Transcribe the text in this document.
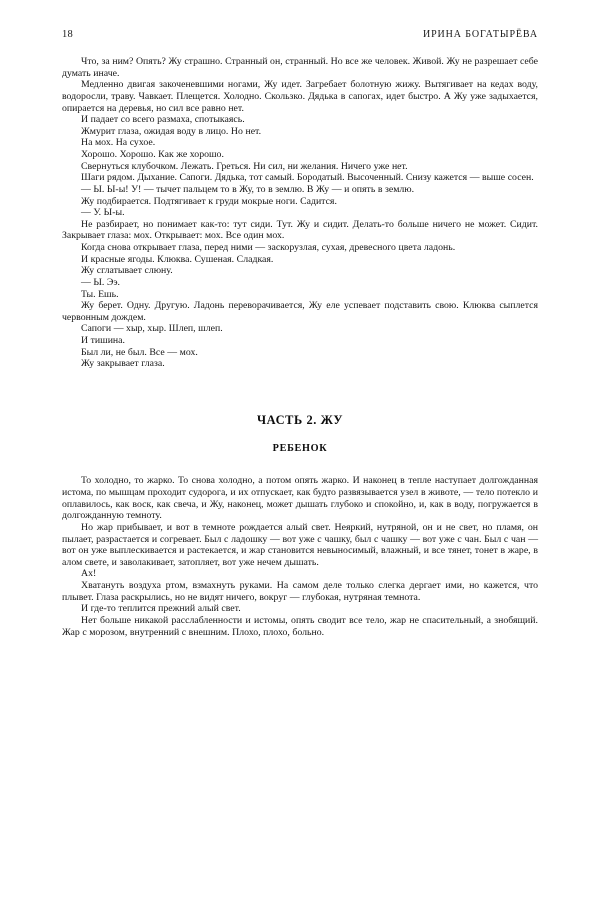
18	ИРИНА БОГАТЫРЁВА

Что, за ним? Опять? Жу страшно. Странный он, странный. Но все же человек. Живой. Жу не разрешает себе думать иначе.

Медленно двигая закоченевшими ногами, Жу идет. Загребает болотную жижу. Вытягивает на кедах воду, водоросли, траву. Чавкает. Плещется. Холодно. Скользко. Дядька в сапогах, идет быстро. А Жу уже задыхается, опирается на деревья, но сил все равно нет.

И падает со всего размаха, спотыкаясь.

Жмурит глаза, ожидая воду в лицо. Но нет.

На мох. На сухое.

Хорошо. Хорошо. Как же хорошо.

Свернуться клубочком. Лежать. Греться. Ни сил, ни желания. Ничего уже нет.

Шаги рядом. Дыхание. Сапоги. Дядька, тот самый. Бородатый. Высоченный. Снизу кажется — выше сосен.

— Ы. Ы-ы! У! — тычет пальцем то в Жу, то в землю. В Жу — и опять в землю.

Жу подбирается. Подтягивает к груди мокрые ноги. Садится.

— У. Ы-ы.

Не разбирает, но понимает как-то: тут сиди. Тут. Жу и сидит. Делать-то больше ничего не может. Сидит. Закрывает глаза: мох. Открывает: мох. Все один мох.

Когда снова открывает глаза, перед ними — заскорузлая, сухая, древесного цвета ладонь.

И красные ягоды. Клюква. Сушеная. Сладкая.

Жу сглатывает слюну.

— Ы. Ээ.

Ты. Ешь.

Жу берет. Одну. Другую. Ладонь переворачивается, Жу еле успевает подставить свою. Клюква сыплется червонным дождем.

Сапоги — хыр, хыр. Шлеп, шлеп.

И тишина.

Был ли, не был. Все — мох.

Жу закрывает глаза.

ЧАСТЬ 2. ЖУ
РЕБЕНОК

То холодно, то жарко. То снова холодно, а потом опять жарко. И наконец в тепле наступает долгожданная истома, по мышцам проходит судорога, и их отпускает, как будто развязывается узел в животе, — тело потекло и оплавилось, как воск, как свеча, и Жу, наконец, может дышать глубоко и спокойно, и, как в воду, погружается в долгожданную темноту.

Но жар прибывает, и вот в темноте рождается алый свет. Неяркий, нутряной, он и не свет, но пламя, он пылает, разрастается и согревает. Был с ладошку — вот уже с чашку, был с чашку — вот уже с чан. Был с чан — вот он уже выплескивается и растекается, и жар становится невыносимый, влажный, и все тянет, тонет в жаре, в алом свете, и заволакивает, затопляет, вот уже нечем дышать.

Ах!

Хватануть воздуха ртом, взмахнуть руками. На самом деле только слегка дергает ими, но кажется, что плывет. Глаза раскрылись, но не видят ничего, вокруг — глубокая, нутряная темнота.

И где-то теплится прежний алый свет.

Нет больше никакой расслабленности и истомы, опять сводит все тело, жар не спасительный, а знобящий. Жар с морозом, внутренний с внешним. Плохо, плохо, больно.
